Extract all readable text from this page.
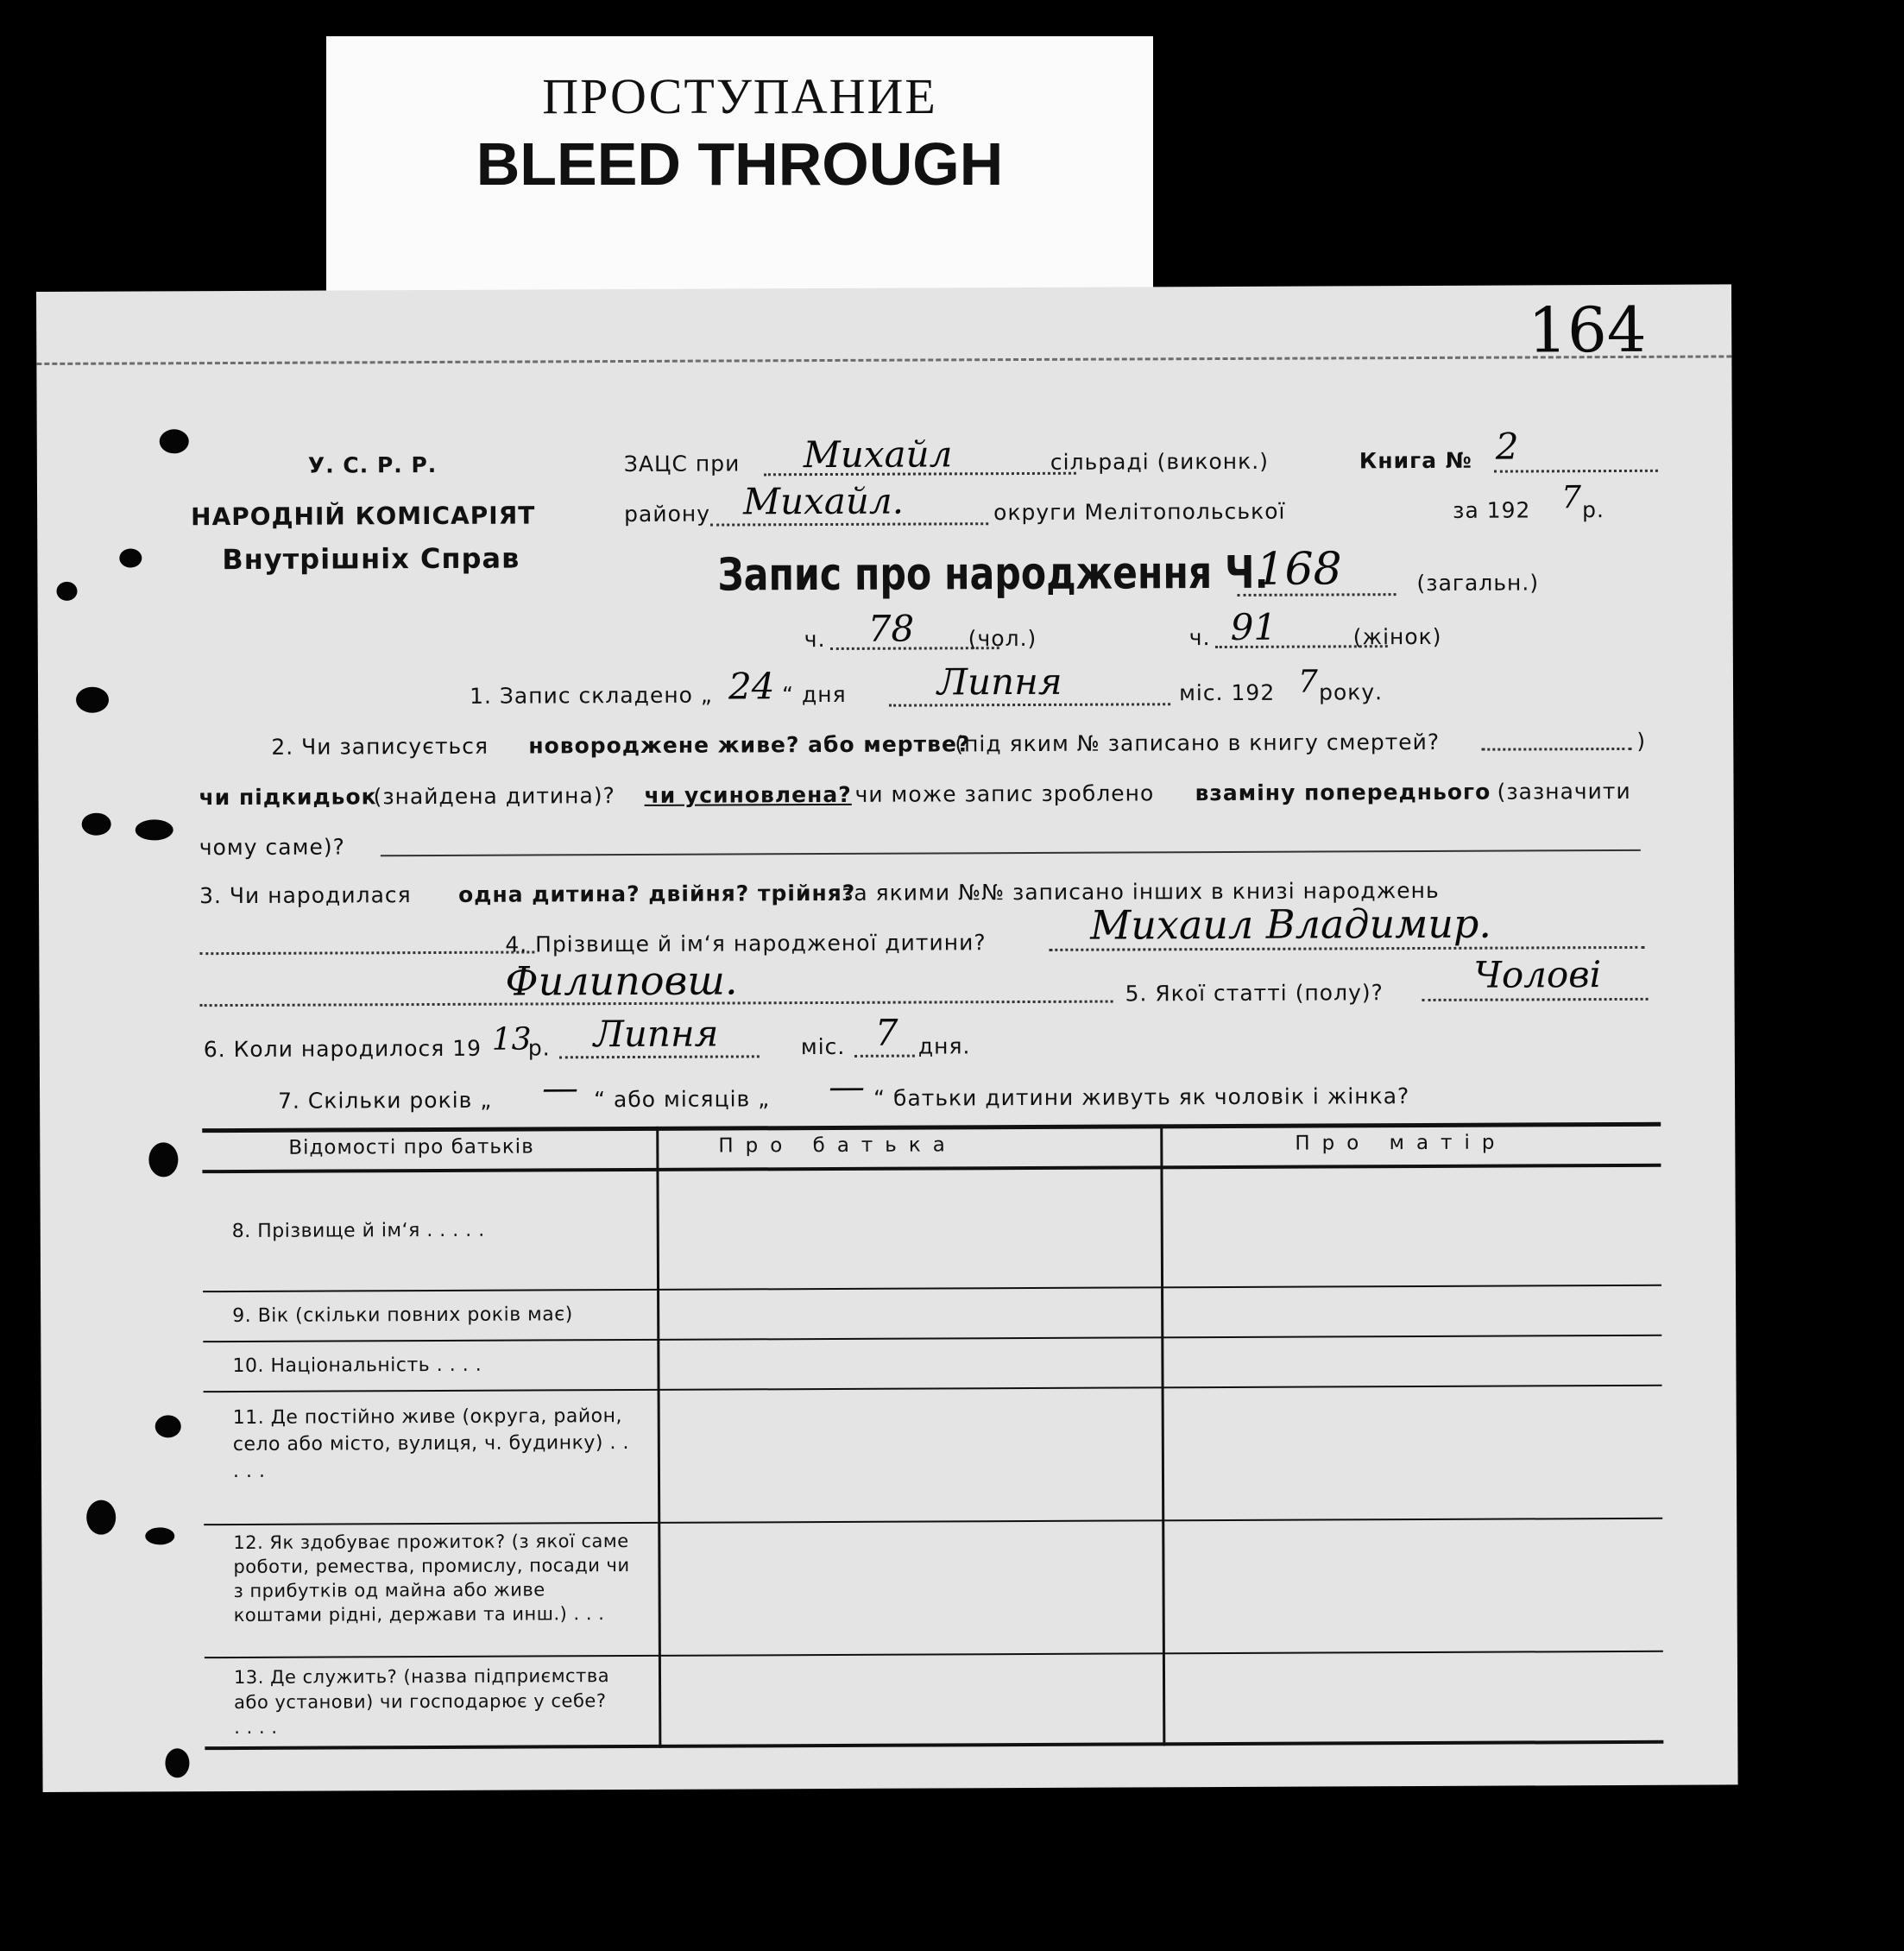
ПРОСТУПАНИЕ
BLEED THROUGH
164
У. С. Р. Р.
НАРОДНІЙ КОМІСАРІЯТ
Внутрішніх Справ
ЗАЦС при Михайл	сільраді (виконк.)	Книга № 2
району Михайл.	округи Мелітопольської	за 192 7 р.
Запис про народження Ч.
168	(загальн.)
ч. 78 (чол.)	ч. 91	(жінок)
1. Запис складено „ 24 “ дня	Липня	міс. 192 7 року.
2. Чи записується новороджене живе? або мертве?
(під яким № записано в книгу смертей?	)
чи підкидьок
(знайдена дитина)? чи усиновлена? чи може запис зроблено взаміну попереднього (зазначити
чому саме)?
3. Чи народилася одна дитина? двійня? трійня?
за якими №№ записано інших в книзі народжень
4. Прізвище й ім‘я народженої дитини?	Михаил Владимир.
Филиповш.	5. Якої статті (полу)? Чолові
6. Коли народилося 19 13
р. Липня	міс. 7 дня.
7. Скільки років „ — “ або місяців „ — “ батьки дитини живуть як чоловік і жінка?
Відомості про батьків	Про батька	Про матір
8. Прізвище й ім‘я . . . . .
9. Вік (скільки повних років має)
10. Національність . . . .
11. Де постійно живе (округа, район, село або місто, вулиця, ч. будинку) . . . . .
12. Як здобуває прожиток? (з якої саме роботи, ремества, промислу, посади чи з прибутків од майна або живе коштами рідні, держави та инш.) . . .
13. Де служить? (назва підприємства або установи) чи господарює у себе? . . . .
